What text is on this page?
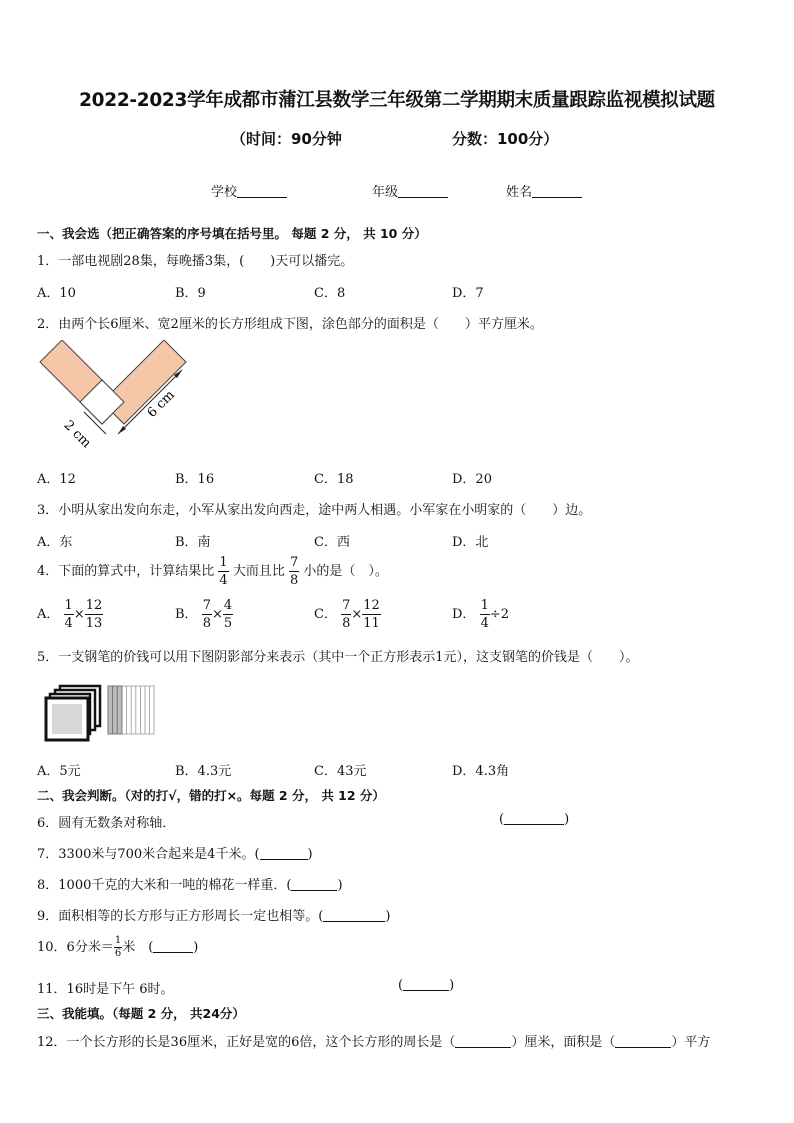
2022-2023学年成都市蒲江县数学三年级第二学期期末质量跟踪监视模拟试题
（时间：90分钟	分数：100分）
学校	年级	姓名
一、我会选（把正确答案的序号填在括号里。 每题 2 分， 共 10 分）
1．一部电视剧28集，每晚播3集，(　　)天可以播完。
A．10	B．9	C．8	D．7
2．由两个长6厘米、宽2厘米的长方形组成下图，涂色部分的面积是（　　）平方厘米。
6 cm
2 cm
A．12	B．16	C．18	D．20
3．小明从家出发向东走，小军从家出发向西走，途中两人相遇。小军家在小明家的（　　）边。
A．东	B．南	C．西	D．北
4．下面的算式中，计算结果比 $\frac{1}{4}$ 大而且比 $\frac{7}{8}$ 小的是（　）。
A． $\frac{1}{4} \times \frac{12}{13}$	B． $\frac{7}{8} \times \frac{4}{5}$	C． $\frac{7}{8} \times \frac{12}{11}$	D． $\frac{1}{4} \div 2$
5．一支钢笔的价钱可以用下图阴影部分来表示（其中一个正方形表示1元），这支钢笔的价钱是（　　）。
A．5元	B．4.3元	C．43元	D．4.3角
二、我会判断。（对的打√，错的打×。每题 2 分， 共 12 分）
6．圆有无数条对称轴．	(	)
7．3300米与700米合起来是4千米。(	)
8．1000千克的大米和一吨的棉花一样重．(	)
9．面积相等的长方形与正方形周长一定也相等。(	)
10．6分米＝ $\frac{1}{6}$ 米　(	)
11．16时是下午 6时。	(	)
三、我能填。（每题 2 分， 共24分）
12．一个长方形的长是36厘米，正好是宽的6倍，这个长方形的周长是（	）厘米，面积是（	）平方
